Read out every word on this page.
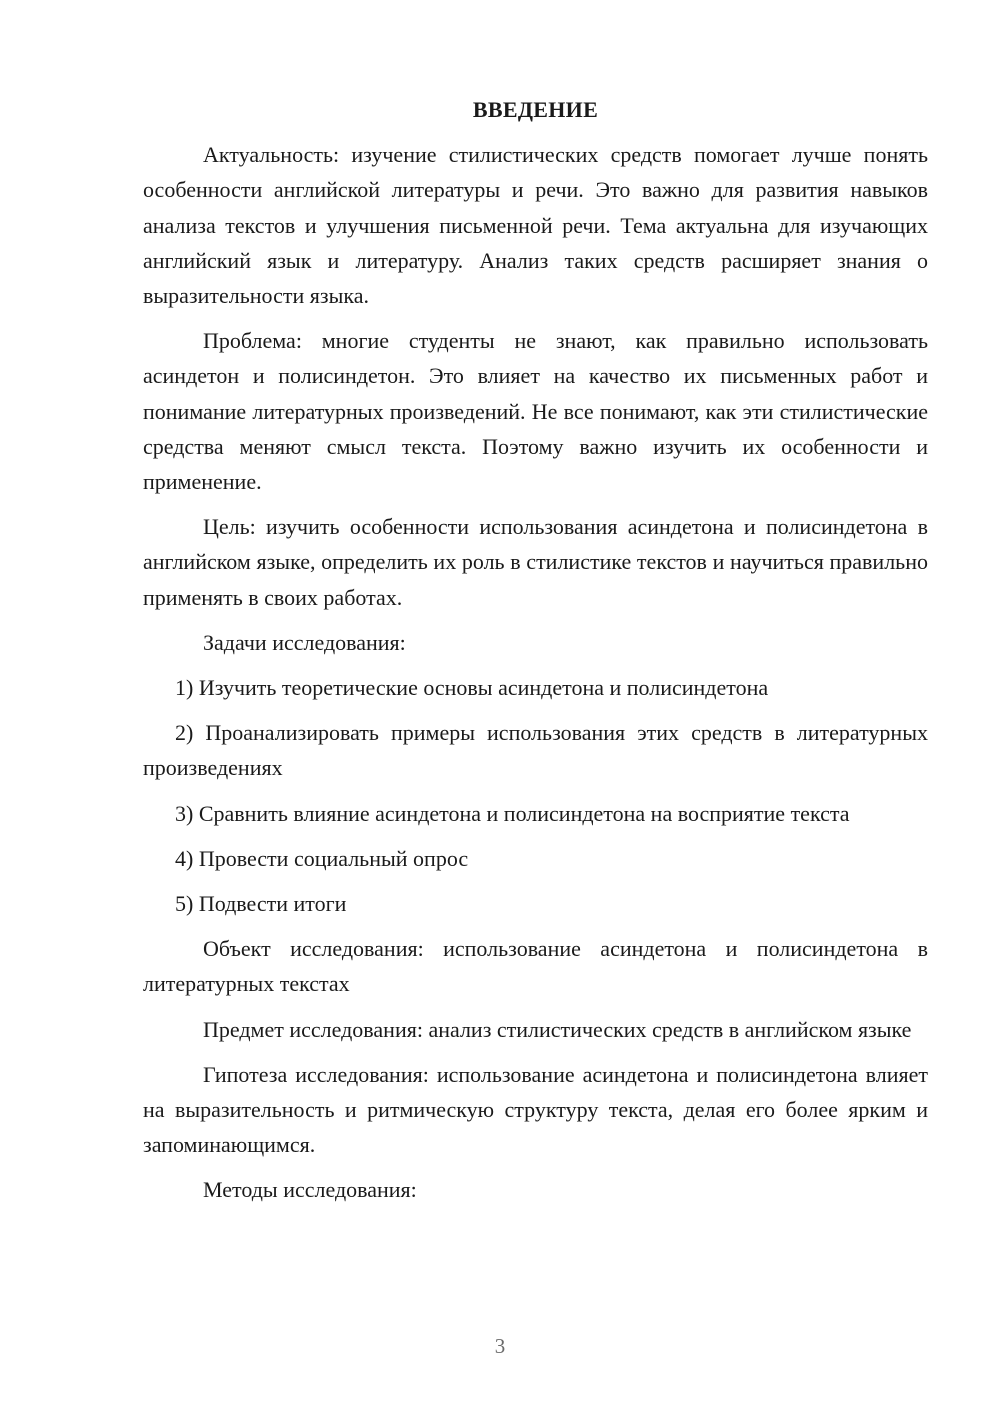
ВВЕДЕНИЕ

Актуальность: изучение стилистических средств помогает лучше понять особенности английской литературы и речи. Это важно для развития навыков анализа текстов и улучшения письменной речи. Тема актуальна для изучающих английский язык и литературу. Анализ таких средств расширяет знания о выразительности языка.

Проблема: многие студенты не знают, как правильно использовать асиндетон и полисиндетон. Это влияет на качество их письменных работ и понимание литературных произведений. Не все понимают, как эти стилистические средства меняют смысл текста. Поэтому важно изучить их особенности и применение.

Цель: изучить особенности использования асиндетона и полисиндетона в английском языке, определить их роль в стилистике текстов и научиться правильно применять в своих работах.

Задачи исследования:

1) Изучить теоретические основы асиндетона и полисиндетона

2) Проанализировать примеры использования этих средств в литературных произведениях

3) Сравнить влияние асиндетона и полисиндетона на восприятие текста

4) Провести социальный опрос

5) Подвести итоги

Объект исследования: использование асиндетона и полисиндетона в литературных текстах

Предмет исследования: анализ стилистических средств в английском языке

Гипотеза исследования: использование асиндетона и полисиндетона влияет на выразительность и ритмическую структуру текста, делая его более ярким и запоминающимся.

Методы исследования:

3
